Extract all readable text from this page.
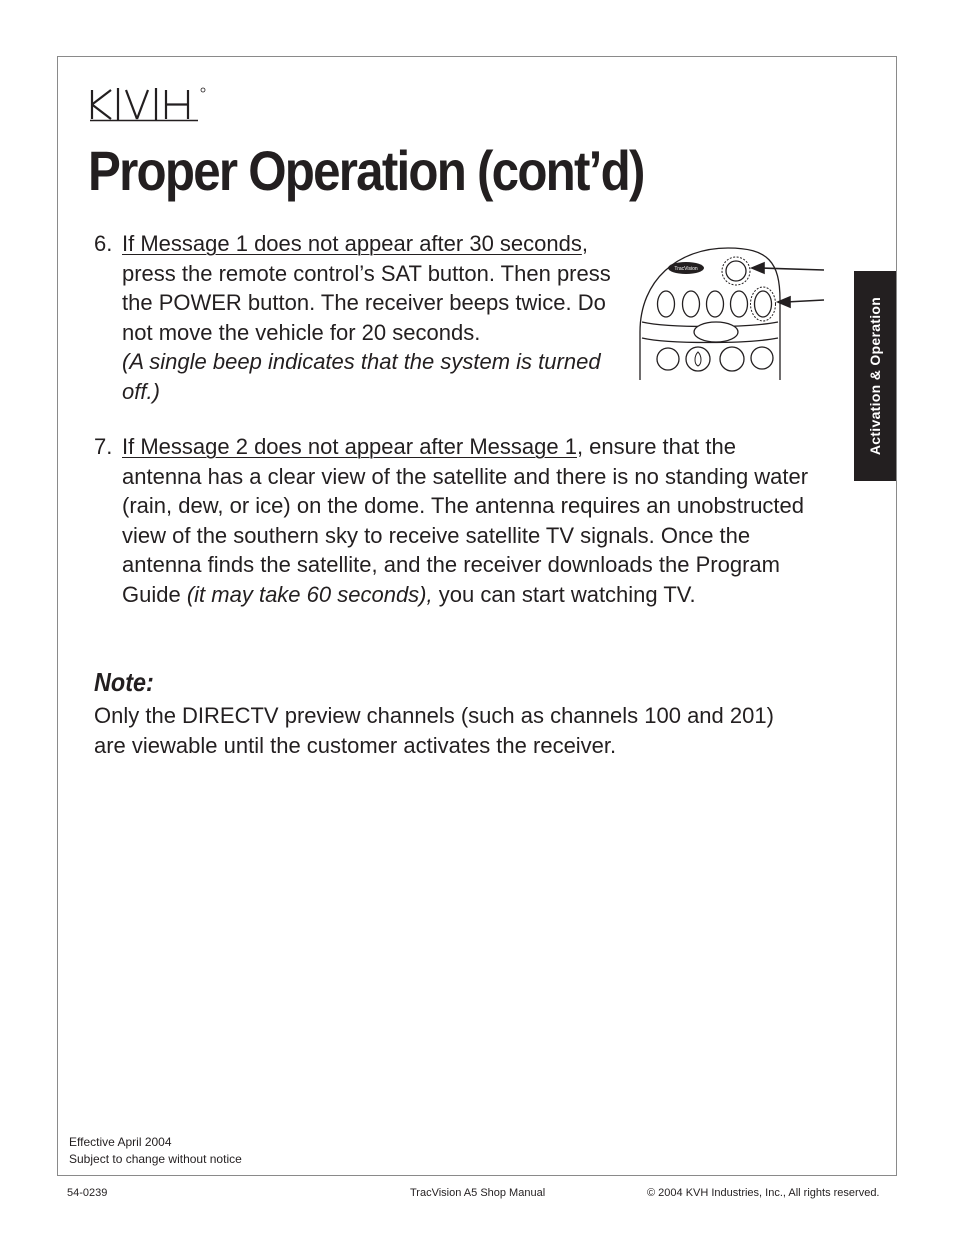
Proper Operation (cont’d)
6. If Message 1 does not appear after 30 seconds, press the remote control’s SAT button. Then press the POWER button. The receiver beeps twice. Do not move the vehicle for 20 seconds.
(A single beep indicates that the system is turned off.)
TracVision
7. If Message 2 does not appear after Message 1, ensure that the antenna has a clear view of the satellite and there is no standing water (rain, dew, or ice) on the dome. The antenna requires an unobstructed view of the southern sky to receive satellite TV signals. Once the antenna finds the satellite, and the receiver downloads the Program Guide (it may take 60 seconds), you can start watching TV.
Note:
Only the DIRECTV preview channels (such as channels 100 and 201) are viewable until the customer activates the receiver.
Activation & Operation
Effective April 2004
Subject to change without notice
54-0239	TracVision A5 Shop Manual	© 2004 KVH Industries, Inc., All rights reserved.
